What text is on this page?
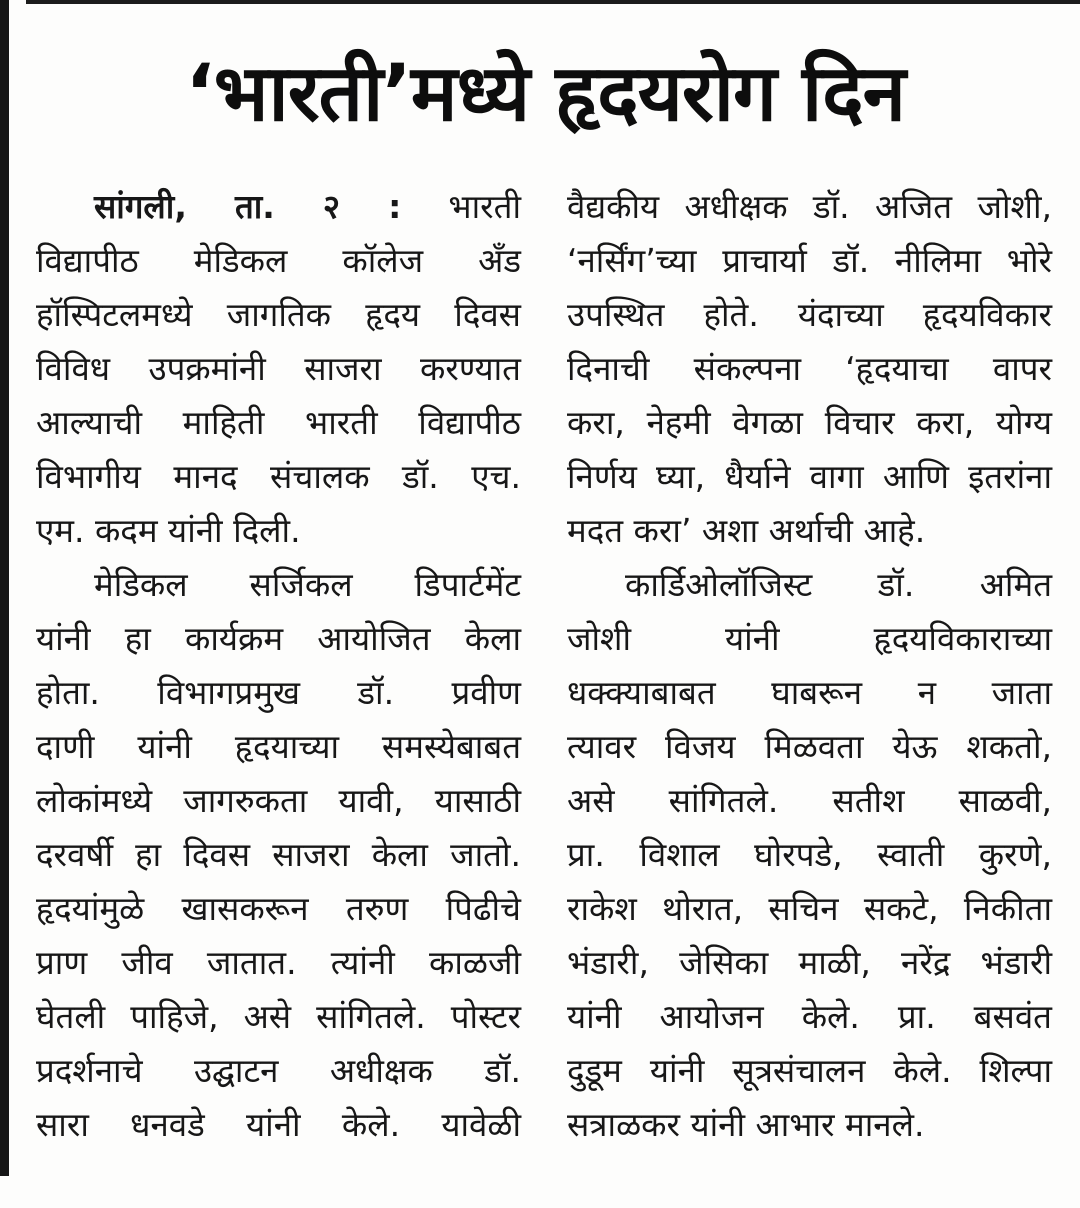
‘भारती’मध्ये हृदयरोग दिन
सांगली, ता. २ : भारती
विद्यापीठ मेडिकल कॉलेज अँड
हॉस्पिटलमध्ये जागतिक हृदय दिवस
विविध उपक्रमांनी साजरा करण्यात
आल्याची माहिती भारती विद्यापीठ
विभागीय मानद संचालक डॉ. एच.
एम. कदम यांनी दिली.
मेडिकल सर्जिकल डिपार्टमेंट
यांनी हा कार्यक्रम आयोजित केला
होता. विभागप्रमुख डॉ. प्रवीण
दाणी यांनी हृदयाच्या समस्येबाबत
लोकांमध्ये जागरुकता यावी, यासाठी
दरवर्षी हा दिवस साजरा केला जातो.
हृदयांमुळे खासकरून तरुण पिढीचे
प्राण जीव जातात. त्यांनी काळजी
घेतली पाहिजे, असे सांगितले. पोस्टर
प्रदर्शनाचे उद्घाटन अधीक्षक डॉ.
सारा धनवडे यांनी केले. यावेळी
वैद्यकीय अधीक्षक डॉ. अजित जोशी,
‘नर्सिंग’च्या प्राचार्या डॉ. नीलिमा भोरे
उपस्थित होते. यंदाच्या हृदयविकार
दिनाची संकल्पना ‘हृदयाचा वापर
करा, नेहमी वेगळा विचार करा, योग्य
निर्णय घ्या, धैर्याने वागा आणि इतरांना
मदत करा’ अशा अर्थाची आहे.
कार्डिओलॉजिस्ट डॉ. अमित
जोशी यांनी हृदयविकाराच्या
धक्क्याबाबत घाबरून न जाता
त्यावर विजय मिळवता येऊ शकतो,
असे सांगितले. सतीश साळवी,
प्रा. विशाल घोरपडे, स्वाती कुरणे,
राकेश थोरात, सचिन सकटे, निकीता
भंडारी, जेसिका माळी, नरेंद्र भंडारी
यांनी आयोजन केले. प्रा. बसवंत
दुडूम यांनी सूत्रसंचालन केले. शिल्पा
सत्राळकर यांनी आभार मानले.
